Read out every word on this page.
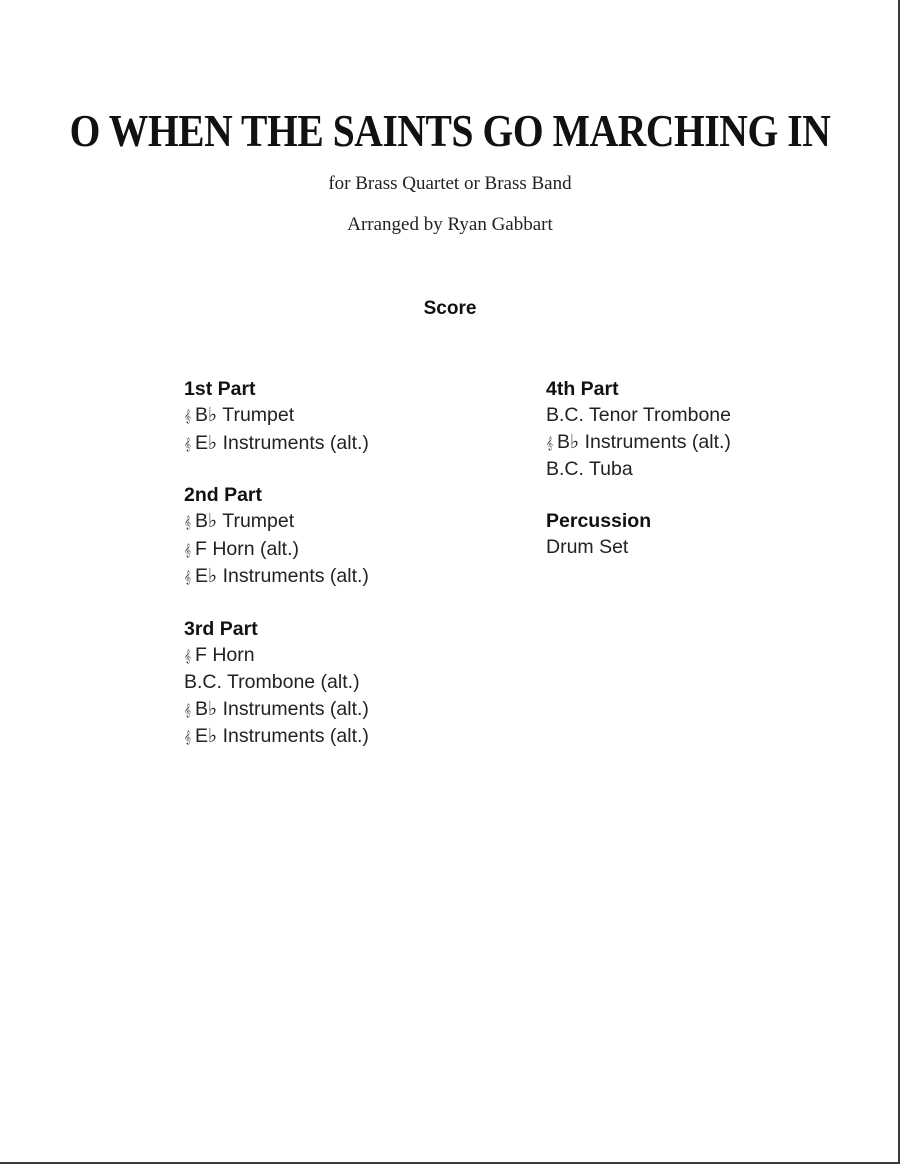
O WHEN THE SAINTS GO MARCHING IN
for Brass Quartet or Brass Band
Arranged by Ryan Gabbart
Score
1st Part
𝄞 B♭ Trumpet
𝄞 E♭ Instruments (alt.)
2nd Part
𝄞 B♭ Trumpet
𝄞 F Horn (alt.)
𝄞 E♭ Instruments (alt.)
3rd Part
𝄞 F Horn
B.C. Trombone (alt.)
𝄞 B♭ Instruments (alt.)
𝄞 E♭ Instruments (alt.)
4th Part
B.C. Tenor Trombone
𝄞 B♭ Instruments (alt.)
B.C. Tuba
Percussion
Drum Set
